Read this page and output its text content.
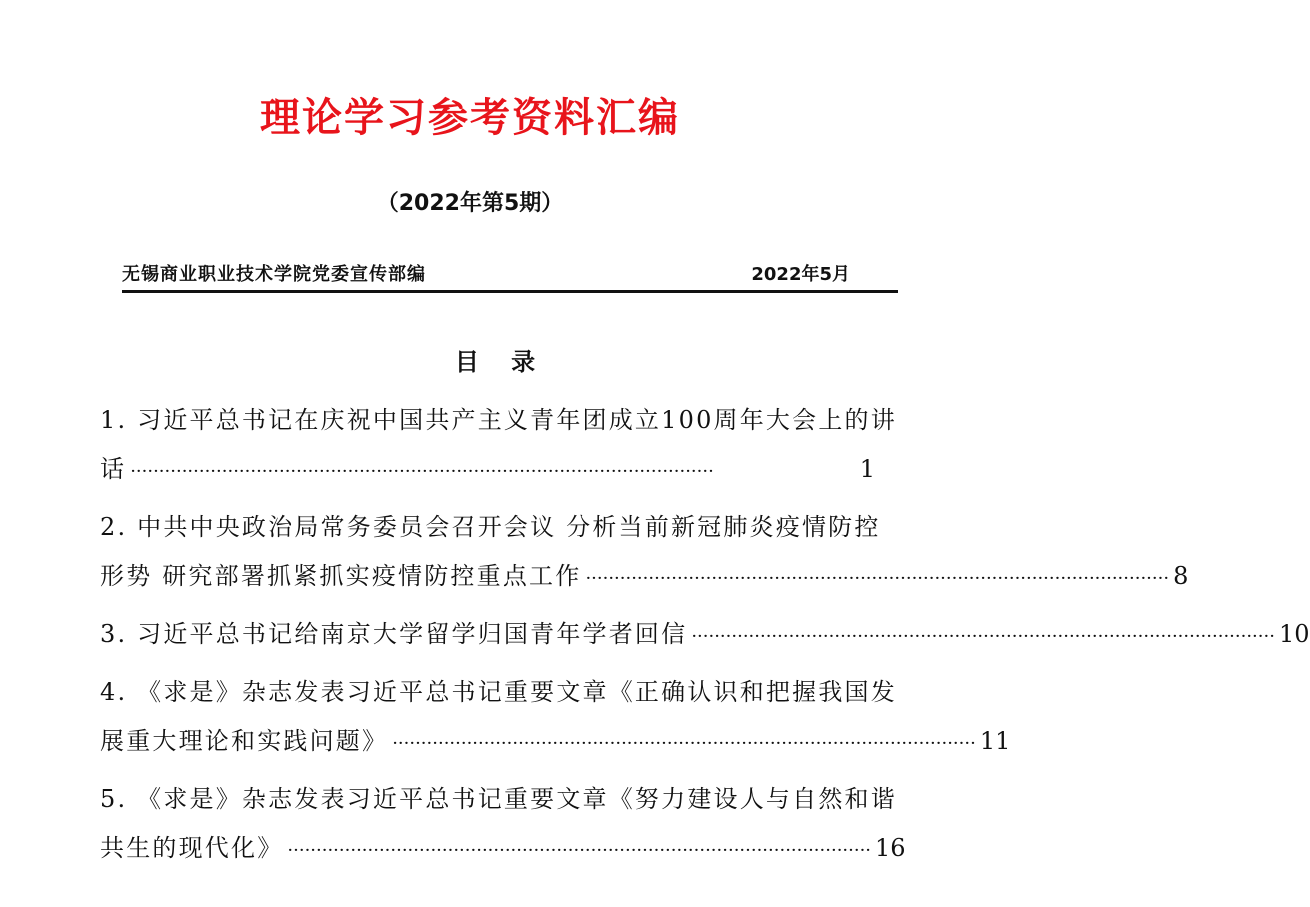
理论学习参考资料汇编
（2022年第5期）
无锡商业职业技术学院党委宣传部编	2022年5月
目 录
1. 习近平总书记在庆祝中国共产主义青年团成立100周年大会上的讲
话 ······································································································	1
2. 中共中央政治局常务委员会召开会议 分析当前新冠肺炎疫情防控
形势 研究部署抓紧抓实疫情防控重点工作 ······································································································ 8
3. 习近平总书记给南京大学留学归国青年学者回信 ······································································································ 10
4. 《求是》杂志发表习近平总书记重要文章《正确认识和把握我国发
展重大理论和实践问题》 ······································································································ 11
5. 《求是》杂志发表习近平总书记重要文章《努力建设人与自然和谐
共生的现代化》 ······································································································ 16
